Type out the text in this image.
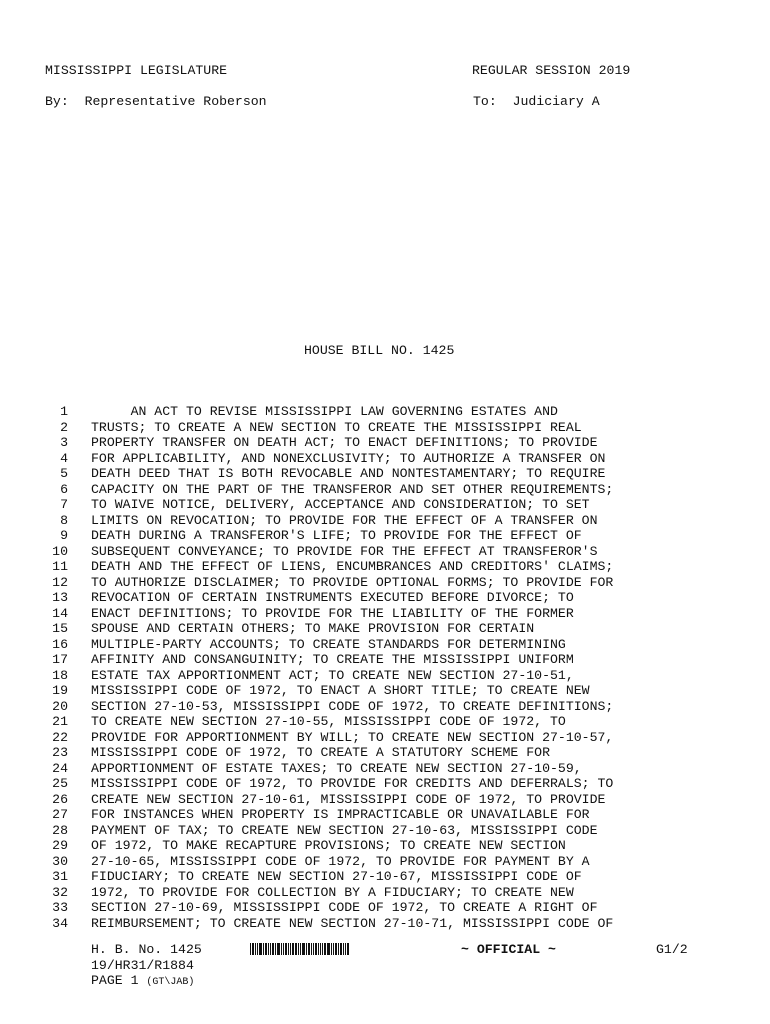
MISSISSIPPI LEGISLATURE	REGULAR SESSION 2019
By:  Representative Roberson	To:  Judiciary A
HOUSE BILL NO. 1425
1 AN ACT TO REVISE MISSISSIPPI LAW GOVERNING ESTATES AND
2 TRUSTS; TO CREATE A NEW SECTION TO CREATE THE MISSISSIPPI REAL
3 PROPERTY TRANSFER ON DEATH ACT; TO ENACT DEFINITIONS; TO PROVIDE
4 FOR APPLICABILITY, AND NONEXCLUSIVITY; TO AUTHORIZE A TRANSFER ON
5 DEATH DEED THAT IS BOTH REVOCABLE AND NONTESTAMENTARY; TO REQUIRE
6 CAPACITY ON THE PART OF THE TRANSFEROR AND SET OTHER REQUIREMENTS;
7 TO WAIVE NOTICE, DELIVERY, ACCEPTANCE AND CONSIDERATION; TO SET
8 LIMITS ON REVOCATION; TO PROVIDE FOR THE EFFECT OF A TRANSFER ON
9 DEATH DURING A TRANSFEROR'S LIFE; TO PROVIDE FOR THE EFFECT OF
10 SUBSEQUENT CONVEYANCE; TO PROVIDE FOR THE EFFECT AT TRANSFEROR'S
11 DEATH AND THE EFFECT OF LIENS, ENCUMBRANCES AND CREDITORS' CLAIMS;
12 TO AUTHORIZE DISCLAIMER; TO PROVIDE OPTIONAL FORMS; TO PROVIDE FOR
13 REVOCATION OF CERTAIN INSTRUMENTS EXECUTED BEFORE DIVORCE; TO
14 ENACT DEFINITIONS; TO PROVIDE FOR THE LIABILITY OF THE FORMER
15 SPOUSE AND CERTAIN OTHERS; TO MAKE PROVISION FOR CERTAIN
16 MULTIPLE-PARTY ACCOUNTS; TO CREATE STANDARDS FOR DETERMINING
17 AFFINITY AND CONSANGUINITY; TO CREATE THE MISSISSIPPI UNIFORM
18 ESTATE TAX APPORTIONMENT ACT; TO CREATE NEW SECTION 27-10-51,
19 MISSISSIPPI CODE OF 1972, TO ENACT A SHORT TITLE; TO CREATE NEW
20 SECTION 27-10-53, MISSISSIPPI CODE OF 1972, TO CREATE DEFINITIONS;
21 TO CREATE NEW SECTION 27-10-55, MISSISSIPPI CODE OF 1972, TO
22 PROVIDE FOR APPORTIONMENT BY WILL; TO CREATE NEW SECTION 27-10-57,
23 MISSISSIPPI CODE OF 1972, TO CREATE A STATUTORY SCHEME FOR
24 APPORTIONMENT OF ESTATE TAXES; TO CREATE NEW SECTION 27-10-59,
25 MISSISSIPPI CODE OF 1972, TO PROVIDE FOR CREDITS AND DEFERRALS; TO
26 CREATE NEW SECTION 27-10-61, MISSISSIPPI CODE OF 1972, TO PROVIDE
27 FOR INSTANCES WHEN PROPERTY IS IMPRACTICABLE OR UNAVAILABLE FOR
28 PAYMENT OF TAX; TO CREATE NEW SECTION 27-10-63, MISSISSIPPI CODE
29 OF 1972, TO MAKE RECAPTURE PROVISIONS; TO CREATE NEW SECTION
30 27-10-65, MISSISSIPPI CODE OF 1972, TO PROVIDE FOR PAYMENT BY A
31 FIDUCIARY; TO CREATE NEW SECTION 27-10-67, MISSISSIPPI CODE OF
32 1972, TO PROVIDE FOR COLLECTION BY A FIDUCIARY; TO CREATE NEW
33 SECTION 27-10-69, MISSISSIPPI CODE OF 1972, TO CREATE A RIGHT OF
34 REIMBURSEMENT; TO CREATE NEW SECTION 27-10-71, MISSISSIPPI CODE OF
H. B. No. 1425	~ OFFICIAL ~	G1/2
19/HR31/R1884
PAGE 1 (GT\JAB)
